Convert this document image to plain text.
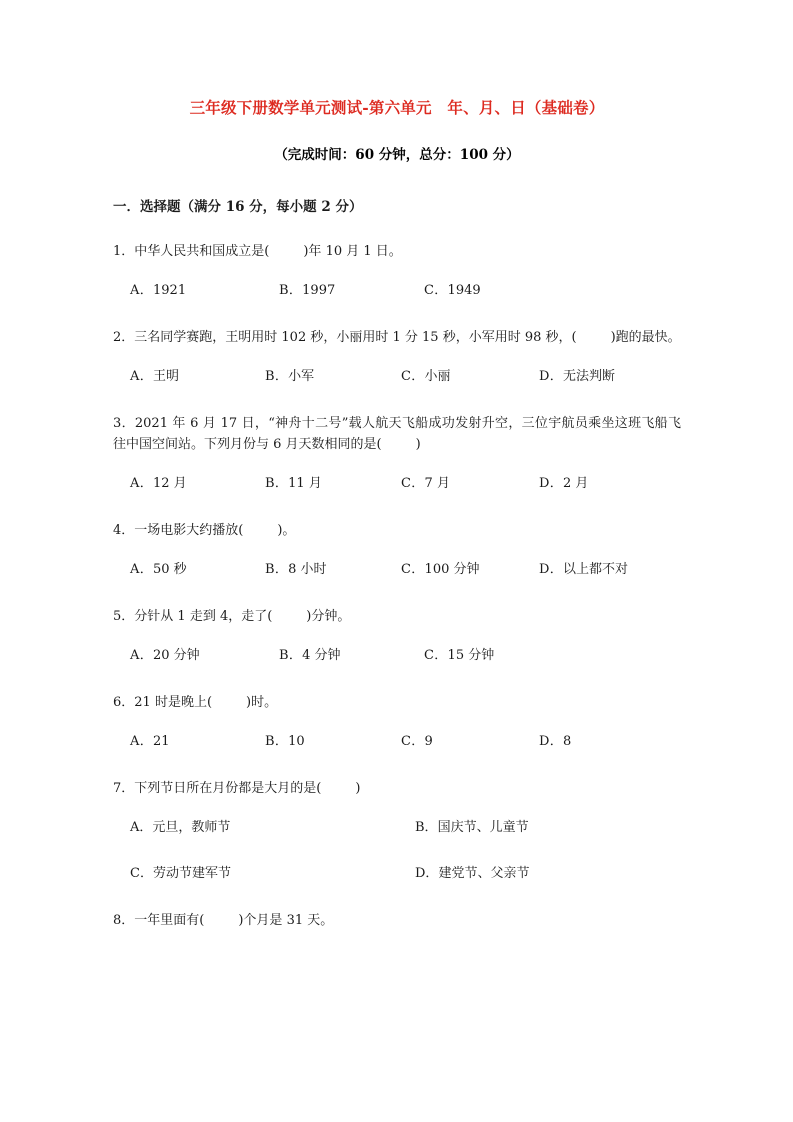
三年级下册数学单元测试-第六单元　年、月、日（基础卷）

（完成时间：60 分钟，总分：100 分）

一．选择题（满分 16 分，每小题 2 分）
1．中华人民共和国成立是(	)年 10 月 1 日。
A．1921	B．1997	C．1949
2．三名同学赛跑，王明用时 102 秒，小丽用时 1 分 15 秒，小军用时 98 秒，(	)跑的最快。
A．王明	B．小军	C．小丽	D．无法判断
3．2021 年 6 月 17 日，“神舟十二号”载人航天飞船成功发射升空，三位宇航员乘坐这班飞船飞往中国空间站。下列月份与 6 月天数相同的是(	)
A．12 月	B．11 月	C．7 月	D．2 月
4．一场电影大约播放(	)。
A．50 秒	B．8 小时	C．100 分钟	D．以上都不对
5．分针从 1 走到 4，走了(	)分钟。
A．20 分钟	B．4 分钟	C．15 分钟
6．21 时是晚上(	)时。
A．21	B．10	C．9	D．8
7．下列节日所在月份都是大月的是(	)
A．元旦，教师节	B．国庆节、儿童节
C．劳动节建军节	D．建党节、父亲节
8．一年里面有(	)个月是 31 天。
